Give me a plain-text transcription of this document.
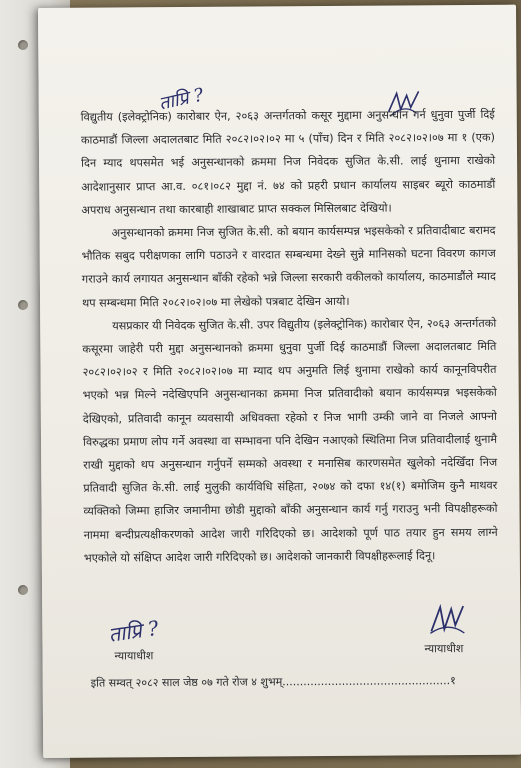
ताप्रि ?

विद्युतीय (इलेक्ट्रोनिक) कारोबार ऐन, २०६३ अन्तर्गतको कसूर मुद्दामा अनुसन्धान गर्न धुनुवा पुर्जी दिई काठमाडौं जिल्ला अदालतबाट मिति २०८२।०२।०२ मा ५ (पाँच) दिन र मिति २०८२।०२।०७ मा १ (एक) दिन म्याद थपसमेत भई अनुसन्धानको क्रममा निज निवेदक सुजित के.सी. लाई थुनामा राखेको आदेशानुसार प्राप्त आ.व. ०८१।०८२ मुद्दा नं. ७४ को प्रहरी प्रधान कार्यालय साइबर ब्यूरो काठमाडौं अपराध अनुसन्धान तथा कारबाही शाखाबाट प्राप्त सक्कल मिसिलबाट देखियो।

अनुसन्धानको क्रममा निज सुजित के.सी. को बयान कार्यसम्पन्न भइसकेको र प्रतिवादीबाट बरामद भौतिक सबुद परीक्षणका लागि पठाउने र वारदात सम्बन्धमा देख्ने सुन्ने मानिसको घटना विवरण कागज गराउने कार्य लगायत अनुसन्धान बाँकी रहेको भन्ने जिल्ला सरकारी वकीलको कार्यालय, काठमाडौंले म्याद थप सम्बन्धमा मिति २०८२।०२।०७ मा लेखेको पत्रबाट देखिन आयो।

यसप्रकार यी निवेदक सुजित के.सी. उपर विद्युतीय (इलेक्ट्रोनिक) कारोबार ऐन, २०६३ अन्तर्गतको कसूरमा जाहेरी परी मुद्दा अनुसन्धानको क्रममा धुनुवा पुर्जी दिई काठमाडौं जिल्ला अदालतबाट मिति २०८२।०२।०२ र मिति २०८२।०२।०७ मा म्याद थप अनुमति लिई थुनामा राखेको कार्य कानूनविपरीत भएको भन्न मिल्ने नदेखिएपनि अनुसन्धानका क्रममा निज प्रतिवादीको बयान कार्यसम्पन्न भइसकेको देखिएको, प्रतिवादी कानून व्यवसायी अधिवक्ता रहेको र निज भागी उम्की जाने वा निजले आफ्नो विरुद्धका प्रमाण लोप गर्ने अवस्था वा सम्भावना पनि देखिन नआएको स्थितिमा निज प्रतिवादीलाई थुनामै राखी मुद्दाको थप अनुसन्धान गर्नुपर्ने सम्मको अवस्था र मनासिब कारणसमेत खुलेको नदेखिँदा निज प्रतिवादी सुजित के.सी. लाई मुलुकी कार्यविधि संहिता, २०७४ को दफा १४(१) बमोजिम कुनै माथवर व्यक्तिको जिम्मा हाजिर जमानीमा छोडी मुद्दाको बाँकी अनुसन्धान कार्य गर्नु गराउनु भनी विपक्षीहरूको नाममा बन्दीप्रत्यक्षीकरणको आदेश जारी गरिदिएको छ। आदेशको पूर्ण पाठ तयार हुन समय लाग्ने भएकोले यो संक्षिप्त आदेश जारी गरिदिएको छ। आदेशको जानकारी विपक्षीहरूलाई दिनू।

ताप्रि ?
न्यायाधीश
न्यायाधीश
इति सम्वत् २०८२ साल जेष्ठ ०७ गते रोज ४ शुभम्................................................१
